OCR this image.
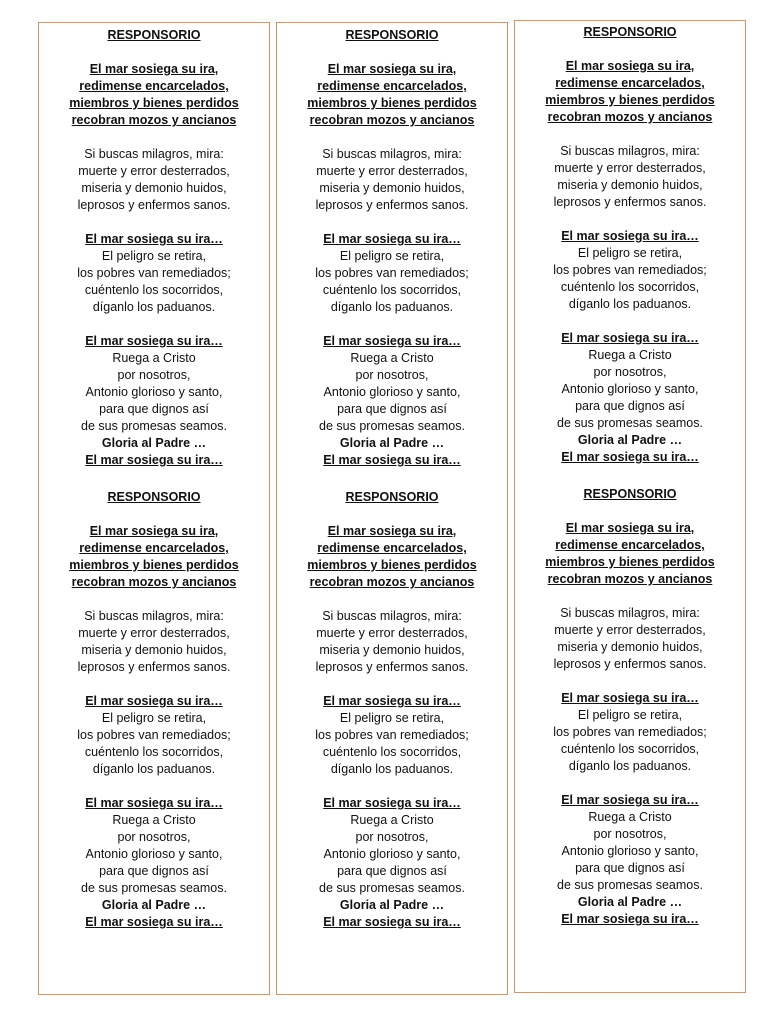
RESPONSORIO
El mar sosiega su ira,
redimense encarcelados,
miembros y bienes perdidos
recobran mozos y ancianos
Si buscas milagros, mira:
muerte y error desterrados,
miseria y demonio huidos,
leprosos y enfermos sanos.
El mar sosiega su ira…
El peligro se retira,
los pobres van remediados;
cuéntenlo los socorridos,
díganlo los paduanos.
El mar sosiega su ira…
Ruega a Cristo
por nosotros,
Antonio glorioso y santo,
para que dignos así
de sus promesas seamos.
Gloria al Padre …
El mar sosiega su ira…
RESPONSORIO
El mar sosiega su ira,
redimense encarcelados,
miembros y bienes perdidos
recobran mozos y ancianos
Si buscas milagros, mira:
muerte y error desterrados,
miseria y demonio huidos,
leprosos y enfermos sanos.
El mar sosiega su ira…
El peligro se retira,
los pobres van remediados;
cuéntenlo los socorridos,
díganlo los paduanos.
El mar sosiega su ira…
Ruega a Cristo
por nosotros,
Antonio glorioso y santo,
para que dignos así
de sus promesas seamos.
Gloria al Padre …
El mar sosiega su ira…
RESPONSORIO
El mar sosiega su ira,
redimense encarcelados,
miembros y bienes perdidos
recobran mozos y ancianos
Si buscas milagros, mira:
muerte y error desterrados,
miseria y demonio huidos,
leprosos y enfermos sanos.
El mar sosiega su ira…
El peligro se retira,
los pobres van remediados;
cuéntenlo los socorridos,
díganlo los paduanos.
El mar sosiega su ira…
Ruega a Cristo
por nosotros,
Antonio glorioso y santo,
para que dignos así
de sus promesas seamos.
Gloria al Padre …
El mar sosiega su ira…
RESPONSORIO
El mar sosiega su ira,
redimense encarcelados,
miembros y bienes perdidos
recobran mozos y ancianos
Si buscas milagros, mira:
muerte y error desterrados,
miseria y demonio huidos,
leprosos y enfermos sanos.
El mar sosiega su ira…
El peligro se retira,
los pobres van remediados;
cuéntenlo los socorridos,
díganlo los paduanos.
El mar sosiega su ira…
Ruega a Cristo
por nosotros,
Antonio glorioso y santo,
para que dignos así
de sus promesas seamos.
Gloria al Padre …
El mar sosiega su ira…
RESPONSORIO
El mar sosiega su ira,
redimense encarcelados,
miembros y bienes perdidos
recobran mozos y ancianos
Si buscas milagros, mira:
muerte y error desterrados,
miseria y demonio huidos,
leprosos y enfermos sanos.
El mar sosiega su ira…
El peligro se retira,
los pobres van remediados;
cuéntenlo los socorridos,
díganlo los paduanos.
El mar sosiega su ira…
Ruega a Cristo
por nosotros,
Antonio glorioso y santo,
para que dignos así
de sus promesas seamos.
Gloria al Padre …
El mar sosiega su ira…
RESPONSORIO
El mar sosiega su ira,
redimense encarcelados,
miembros y bienes perdidos
recobran mozos y ancianos
Si buscas milagros, mira:
muerte y error desterrados,
miseria y demonio huidos,
leprosos y enfermos sanos.
El mar sosiega su ira…
El peligro se retira,
los pobres van remediados;
cuéntenlo los socorridos,
díganlo los paduanos.
El mar sosiega su ira…
Ruega a Cristo
por nosotros,
Antonio glorioso y santo,
para que dignos así
de sus promesas seamos.
Gloria al Padre …
El mar sosiega su ira…
